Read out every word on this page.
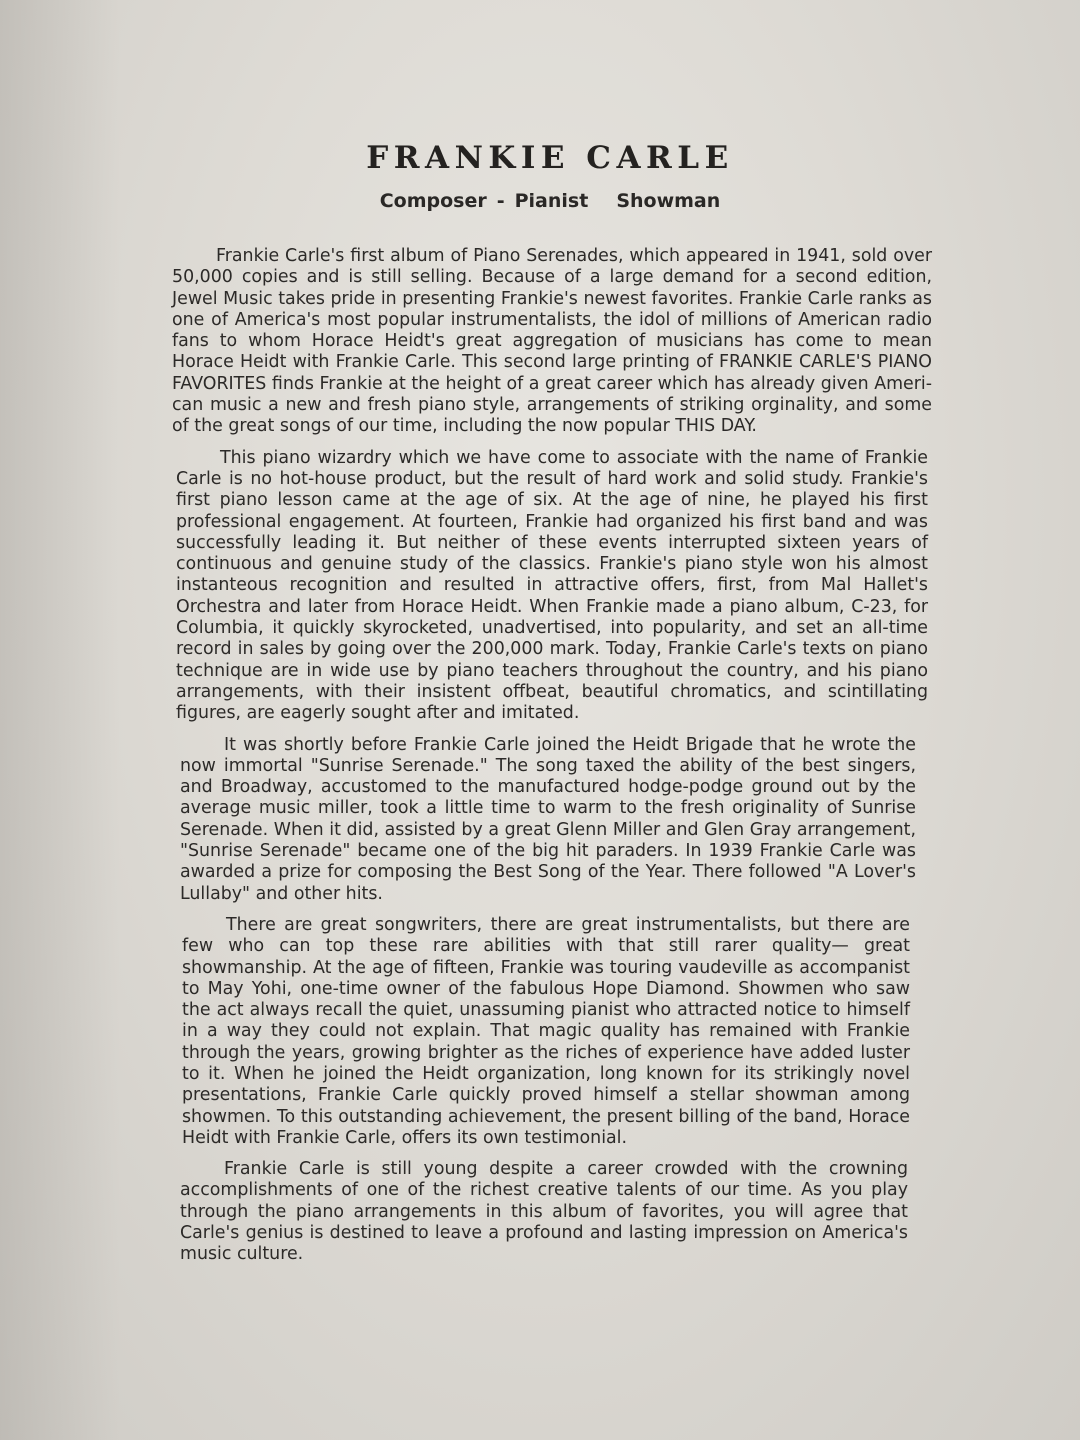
FRANKIE CARLE
Composer - Pianist Showman

Frankie Carle's first album of Piano Serenades, which appeared in 1941, sold over 50,000 copies and is still selling. Because of a large demand for a second edition, Jewel Music takes pride in presenting Frankie's newest favorites. Frankie Carle ranks as one of America's most popular instrumentalists, the idol of millions of American radio fans to whom Horace Heidt's great aggregation of musicians has come to mean Horace Heidt with Frankie Carle. This second large printing of FRANKIE CARLE'S PIANO FAVORITES finds Frankie at the height of a great career which has already given American music a new and fresh piano style, arrangements of striking orginality, and some of the great songs of our time, including the now popular THIS DAY.

This piano wizardry which we have come to associate with the name of Frankie Carle is no hot-house product, but the result of hard work and solid study. Frankie's first piano lesson came at the age of six. At the age of nine, he played his first professional engagement. At fourteen, Frankie had organized his first band and was successfully leading it. But neither of these events interrupted sixteen years of continuous and genuine study of the classics. Frankie's piano style won his almost instanteous recognition and resulted in attractive offers, first, from Mal Hallet's Orchestra and later from Horace Heidt. When Frankie made a piano album, C-23, for Columbia, it quickly skyrocketed, unadvertised, into popularity, and set an all-time record in sales by going over the 200,000 mark. Today, Frankie Carle's texts on piano technique are in wide use by piano teachers throughout the country, and his piano arrangements, with their insistent offbeat, beautiful chromatics, and scintillating figures, are eagerly sought after and imitated.

It was shortly before Frankie Carle joined the Heidt Brigade that he wrote the now immortal "Sunrise Serenade." The song taxed the ability of the best singers, and Broadway, accustomed to the manufactured hodge-podge ground out by the average music miller, took a little time to warm to the fresh originality of Sunrise Serenade. When it did, assisted by a great Glenn Miller and Glen Gray arrangement, "Sunrise Serenade" became one of the big hit paraders. In 1939 Frankie Carle was awarded a prize for composing the Best Song of the Year. There followed "A Lover's Lullaby" and other hits.

There are great songwriters, there are great instrumentalists, but there are few who can top these rare abilities with that still rarer quality— great showmanship. At the age of fifteen, Frankie was touring vaudeville as accompanist to May Yohi, one-time owner of the fabulous Hope Diamond. Showmen who saw the act always recall the quiet, unassuming pianist who attracted notice to himself in a way they could not explain. That magic quality has remained with Frankie through the years, growing brighter as the riches of experience have added luster to it. When he joined the Heidt organization, long known for its strikingly novel presentations, Frankie Carle quickly proved himself a stellar showman among showmen. To this outstanding achievement, the present billing of the band, Horace Heidt with Frankie Carle, offers its own testimonial.

Frankie Carle is still young despite a career crowded with the crowning accomplishments of one of the richest creative talents of our time. As you play through the piano arrangements in this album of favorites, you will agree that Carle's genius is destined to leave a profound and lasting impression on America's music culture.
